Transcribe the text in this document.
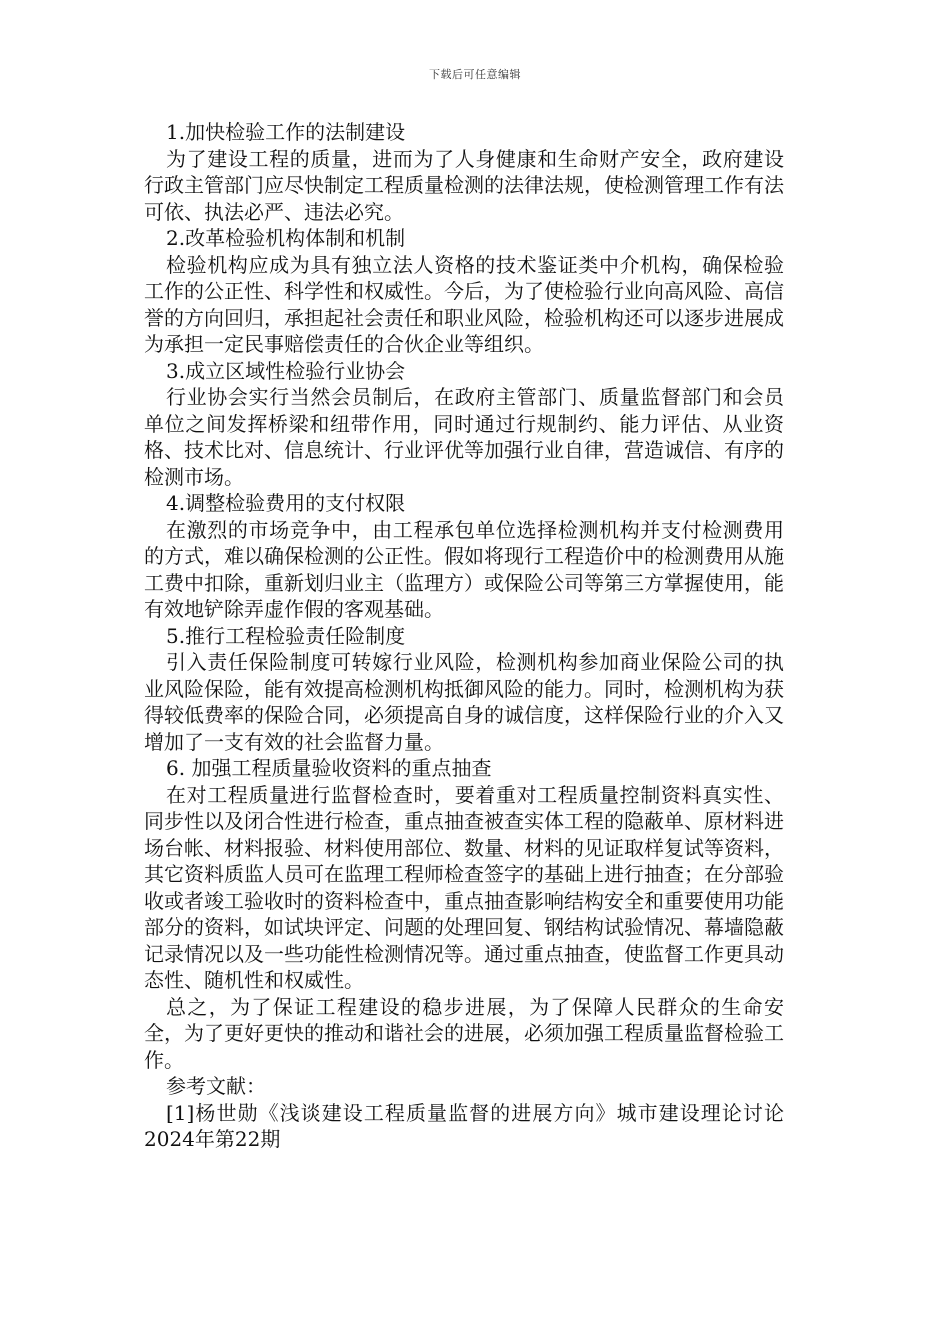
下载后可任意编辑

1.加快检验工作的法制建设

为了建设工程的质量，进而为了人身健康和生命财产安全，政府建设行政主管部门应尽快制定工程质量检测的法律法规，使检测管理工作有法可依、执法必严、违法必究。

2.改革检验机构体制和机制

检验机构应成为具有独立法人资格的技术鉴证类中介机构，确保检验工作的公正性、科学性和权威性。今后，为了使检验行业向高风险、高信誉的方向回归，承担起社会责任和职业风险，检验机构还可以逐步进展成为承担一定民事赔偿责任的合伙企业等组织。

3.成立区域性检验行业协会

行业协会实行当然会员制后，在政府主管部门、质量监督部门和会员单位之间发挥桥梁和纽带作用，同时通过行规制约、能力评估、从业资格、技术比对、信息统计、行业评优等加强行业自律，营造诚信、有序的检测市场。

4.调整检验费用的支付权限

在激烈的市场竞争中，由工程承包单位选择检测机构并支付检测费用的方式，难以确保检测的公正性。假如将现行工程造价中的检测费用从施工费中扣除，重新划归业主（监理方）或保险公司等第三方掌握使用，能有效地铲除弄虚作假的客观基础。

5.推行工程检验责任险制度

引入责任保险制度可转嫁行业风险，检测机构参加商业保险公司的执业风险保险，能有效提高检测机构抵御风险的能力。同时，检测机构为获得较低费率的保险合同，必须提高自身的诚信度，这样保险行业的介入又增加了一支有效的社会监督力量。

6. 加强工程质量验收资料的重点抽查

在对工程质量进行监督检查时，要着重对工程质量控制资料真实性、同步性以及闭合性进行检查，重点抽查被查实体工程的隐蔽单、原材料进场台帐、材料报验、材料使用部位、数量、材料的见证取样复试等资料，其它资料质监人员可在监理工程师检查签字的基础上进行抽查；在分部验收或者竣工验收时的资料检查中，重点抽查影响结构安全和重要使用功能部分的资料，如试块评定、问题的处理回复、钢结构试验情况、幕墙隐蔽记录情况以及一些功能性检测情况等。通过重点抽查，使监督工作更具动态性、随机性和权威性。

总之，为了保证工程建设的稳步进展，为了保障人民群众的生命安全，为了更好更快的推动和谐社会的进展，必须加强工程质量监督检验工作。

参考文献：

[1]杨世勋《浅谈建设工程质量监督的进展方向》城市建设理论讨论 2024年第22期
